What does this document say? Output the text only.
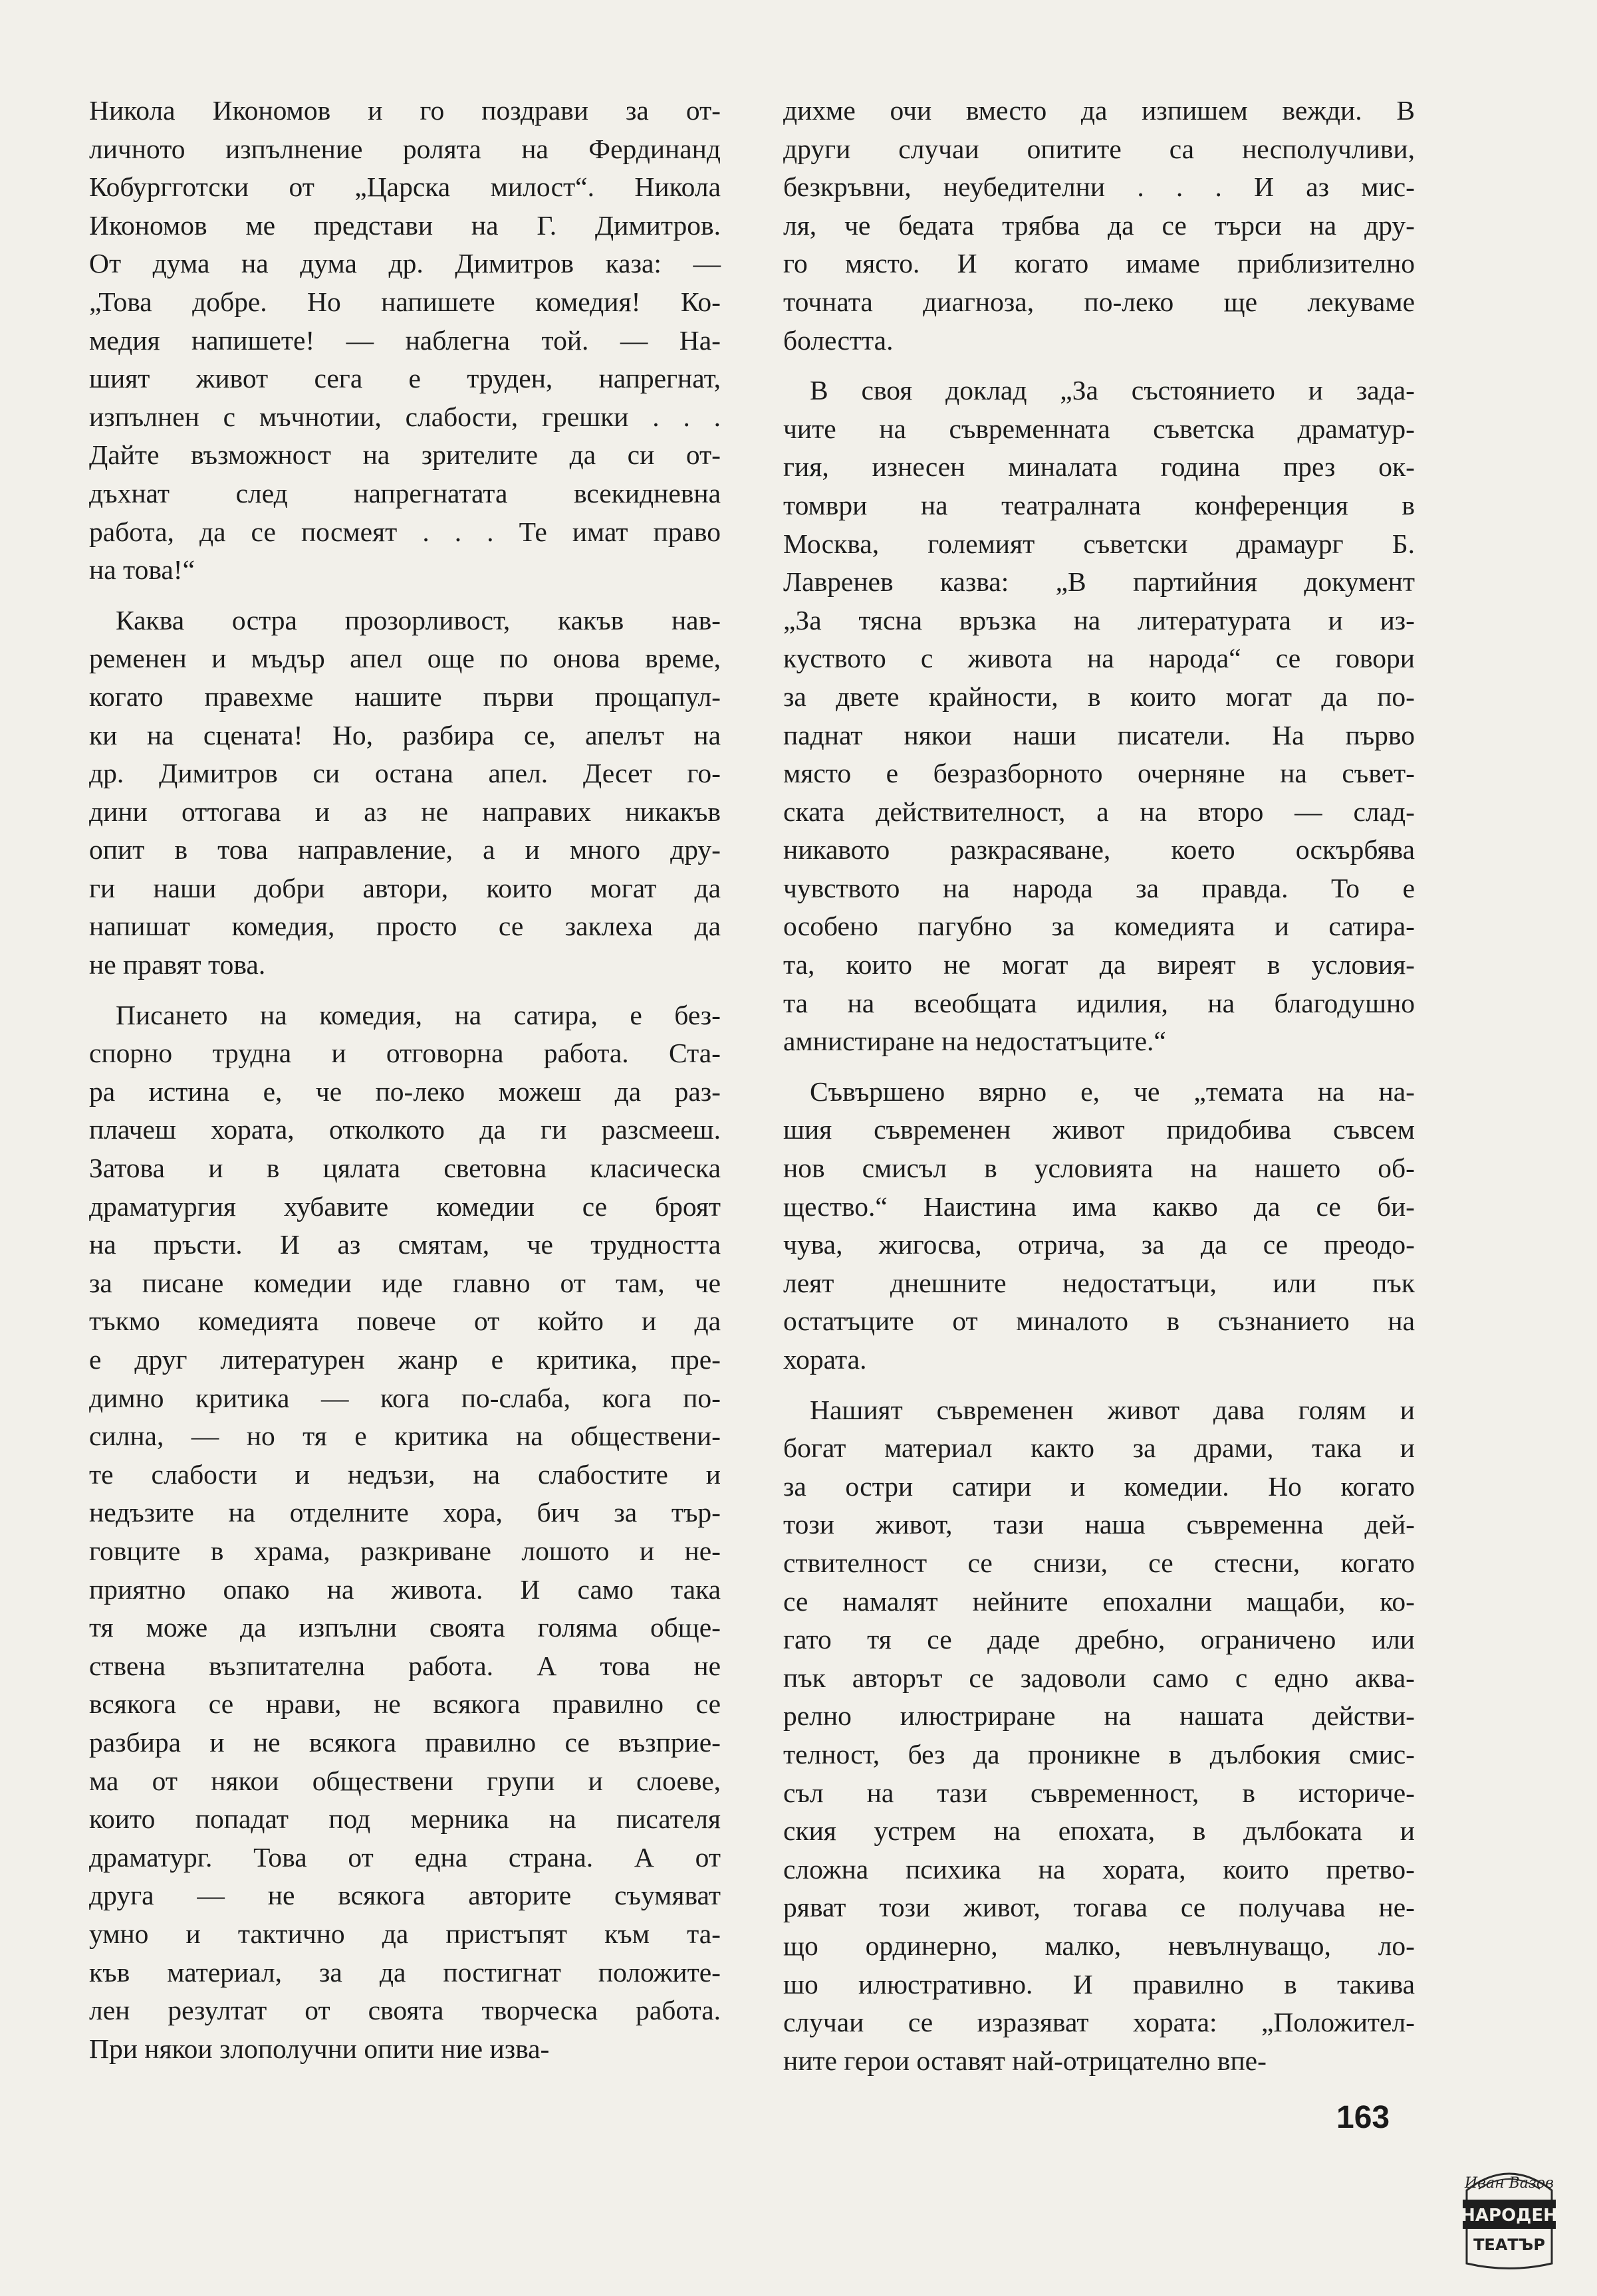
Никола Икономов и го поздрави за от-
личното изпълнение ролята на Фердинанд
Кобургготски от „Царска милост“. Никола
Икономов ме представи на Г. Димитров.
От дума на дума др. Димитров каза: —
„Това добре. Но напишете комедия! Ко-
медия напишете! — наблегна той. — На-
шият живот сега е труден, напрегнат,
изпълнен с мъчнотии, слабости, грешки . . .
Дайте възможност на зрителите да си от-
дъхнат след напрегнатата всекидневна
работа, да се посмеят . . . Те имат право
на това!“
Каква остра прозорливост, какъв нав-
ременен и мъдър апел още по онова време,
когато правехме нашите първи прощапул-
ки на сцената! Но, разбира се, апелът на
др. Димитров си остана апел. Десет го-
дини оттогава и аз не направих никакъв
опит в това направление, а и много дру-
ги наши добри автори, които могат да
напишат комедия, просто се заклеха да
не правят това.
Писането на комедия, на сатира, е без-
спорно трудна и отговорна работа. Ста-
ра истина е, че по-леко можеш да раз-
плачеш хората, отколкото да ги разсмееш.
Затова и в цялата световна класическа
драматургия хубавите комедии се броят
на пръсти. И аз смятам, че трудността
за писане комедии иде главно от там, че
тъкмо комедията повече от който и да
е друг литературен жанр е критика, пре-
димно критика — кога по-слаба, кога по-
силна, — но тя е критика на обществени-
те слабости и недъзи, на слабостите и
недъзите на отделните хора, бич за тър-
говците в храма, разкриване лошото и не-
приятно опако на живота. И само така
тя може да изпълни своята голяма общe-
ствена възпитателна работа. А това не
всякога се нрави, не всякога правилно се
разбира и не всякога правилно се възприе-
ма от някои обществени групи и слоеве,
които попадат под мерника на писателя
драматург. Това от една страна. А от
друга — не всякога авторите съумяват
умно и тактично да пристъпят към та-
къв материал, за да постигнат положите-
лен резултат от своята творческа работа.
При някои злополучни опити ние изва-
дихме очи вместо да изпишем вежди. В
други случаи опитите са несполучливи,
безкръвни, неубедителни . . . И аз мис-
ля, че бедата трябва да се търси на дру-
го място. И когато имаме приблизително
точната диагноза, по-леко ще лекуваме
болестта.
В своя доклад „За състоянието и зада-
чите на съвременната съветска драматур-
гия, изнесен миналата година през ок-
томври на театралната конференция в
Москва, големият съветски драмаург Б.
Лавренев казва: „В партийния документ
„За тясна връзка на литературата и из-
куството с живота на народа“ се говори
за двете крайности, в които могат да по-
паднат някои наши писатели. На първо
място е безразборното очерняне на съвет-
ската действителност, а на второ — слад-
никавото разкрасяване, което оскърбява
чувството на народа за правда. То е
особено пагубно за комедията и сатира-
та, които не могат да виреят в условия-
та на всеобщата идилия, на благодушно
амнистиране на недостатъците.“
Съвършено вярно е, че „темата на на-
шия съвременен живот придобива съвсем
нов смисъл в условията на нашето об-
щество.“ Наистина има какво да се би-
чува, жигосва, отрича, за да се преодо-
леят днешните недостатъци, или пък
остатъците от миналото в съзнанието на
хората.
Нашият съвременен живот дава голям и
богат материал както за драми, така и
за остри сатири и комедии. Но когато
този живот, тази наша съвременна дей-
ствителност се снизи, се стесни, когато
се намалят нейните епохални мащаби, ко-
гато тя се даде дребно, ограничено или
пък авторът се задоволи само с едно аква-
релно илюстриране на нашата действи-
телност, без да проникне в дълбокия смис-
съл на тази съвременност, в историче-
ския устрем на епохата, в дълбоката и
сложна психика на хората, които претво-
ряват този живот, тогава се получава не-
що ординерно, малко, невълнуващо, ло-
шо илюстративно. И правилно в такива
случаи се изразяват хората: „Положител-
ните герои оставят най-отрицателно впе-
163
Иван Вазов
НАРОДЕН
ТЕАТЪР
